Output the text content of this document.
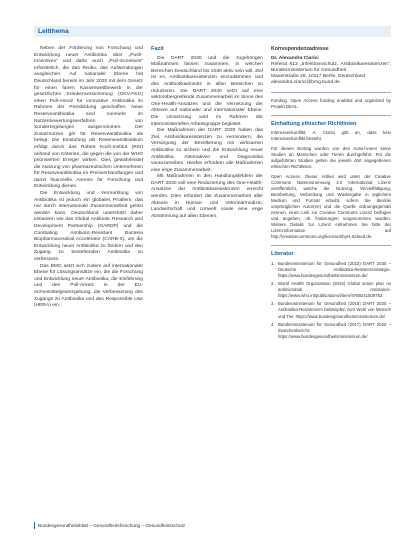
Leitthema

Neben der Förderung von Forschung und Entwicklung neuer Antibiotika über „Push-Incentives“ und dafür auch „Pull-Incentives“ erforderlich, die das Risiko, das Aufwendungen ausgleichen. Auf nationaler Ebene hat Deutschland bereits im Jahr 2020 mit dem Gesetz für einen fairen Kassenwettbewerb in der gesetzlichen Krankenversicherung (GKV-FKG) einen Pull-Anreiz für innovative Antibiotika im Rahmen der Preisbildung geschaffen: Neue Reserveantibiotika sind nunmehr im Nutzenbewertungsverfahren von Sonderregelungen ausgenommen. Der Zusatznutzen gilt für Reserveantibiotika als belegt. Die Einstufung als Reserveantibiotikum erfolgt durch das Robert Koch-Institut (RKI) anhand von Kriterien, die gegen die von der WHO priorisierten Erreger wirken. Dies gewährleistet die Nutzung von pharmazeutischen Unternehmen für Reserveantibiotika im Preisverhandlungen und damit finanzielle Anreize für Forschung und Entwicklung dienen.

Die Entwicklung und Vermarktung von Antibiotika ist jedoch ein globales Problem, das nur durch internationale Zusammenarbeit gelöst werden kann. Deutschland unterstützt daher Initiativen wie das Global Antibiotic Research and Development Partnership (GARDP) und die Combating Antibiotic-Resistant Bacteria Biopharmaceutical Accelerator (CARB-X), um die Entwicklung neuer Antibiotika zu fördern und den Zugang zu bestehenden Antibiotika zu verbessern.

Das BMG setzt sich zudem auf internationaler Ebene für Lösungsansätze ein, die die Forschung und Entwicklung neuer Antibiotika, die Einführung und den Pull-Anreiz in der EU-Arzneimittelgesetzgebung, die Verbesserung des Zugangs zu Antibiotika und des Responsible Use (HERA) ein.

Fazit

Die DART 2030 und die zugehörigen Maßnahmen fassen zusammen, in welchen Bereichen Deutschland bis 2030 aktiv sein will. Ziel ist es, Antibiotikaresistenzen einzudämmen und den Antibiotikaeinsatz in allen Bereichen zu reduzieren. Die DART 2030 setzt auf eine sektorübergreifende Zusammenarbeit im Sinne des One-Health-Ansatzes und die Vernetzung der Akteure auf nationaler und internationaler Ebene. Die Umsetzung wird im Rahmen der interministeriellen Arbeitsgruppe begleitet.

Die Maßnahmen der DART 2030 haben das Ziel, Antibiotikaresistenzen zu vermindern, die Versorgung der Bevölkerung mit wirksamen Antibiotika zu sichern und die Entwicklung neuer Antibiotika, Alternativen und Diagnostika voranzutreiben. Hierbei erfordern alle Maßnahmen eine enge Zusammenarbeit.

Mit Maßnahmen in den Handlungsfeldern der DART 2030 soll eine Reduzierung des One-Health-Ansatzes der Antibiotikaresistenzen erreicht werden. Dies erfordert die Zusammenarbeit aller Akteure in Human- und Veterinärmedizin, Landwirtschaft und Umwelt sowie eine enge Abstimmung auf allen Ebenen.

Korrespondenzadresse
Dr. Alexandra Clarici
Referat 613 „Infektionsschutz, Antibiotikaresistenzen“, Bundesministerium für Gesundheit
Mauerstraße 29, 10117 Berlin, Deutschland
alexandra.clarici@bmg.bund.de
Funding. Open Access funding enabled and organized by Projekt DEAL.
Einhaltung ethischer Richtlinien
Interessenkonflikt. A. Clarici gibt an, dass kein Interessenkonflikt besteht.
Für diesen Beitrag wurden von den Autor/-innen keine Studien an Menschen oder Tieren durchgeführt. Für die aufgeführten Studien gelten die jeweils dort angegebenen ethischen Richtlinien.
Open Access. Dieser Artikel wird unter der Creative Commons Namensnennung 4.0 International Lizenz veröffentlicht, welche die Nutzung, Vervielfältigung, Bearbeitung, Verbreitung und Wiedergabe in jeglichem Medium und Format erlaubt, sofern Sie den/die ursprünglichen Autor(en) und die Quelle ordnungsgemäß nennen, einen Link zur Creative Commons Lizenz beifügen und angeben, ob Änderungen vorgenommen wurden. Weitere Details zur Lizenz entnehmen Sie bitte der Lizenzinformation auf http://creativecommons.org/licenses/by/4.0/deed.de.
Literatur
1. Bundesministerium für Gesundheit (2023) DART 2030 – Deutsche Antibiotika-Resistenzstrategie. https://www.bundesgesundheitsministerium.de/
2. World Health Organization (2015) Global action plan on antimicrobial resistance. https://www.who.int/publications/i/item/9789241509763
3. Bundesministerium für Gesundheit (2015) DART 2020 – Antibiotika-Resistenzen bekämpfen zum Wohl von Mensch und Tier. https://www.bundesgesundheitsministerium.de/
4. Bundesministerium für Gesundheit (2017) DART 2020 – Zwischenbericht. https://www.bundesgesundheitsministerium.de/
Bundesgesundheitsblatt – Gesundheitsforschung – Gesundheitsschutz
